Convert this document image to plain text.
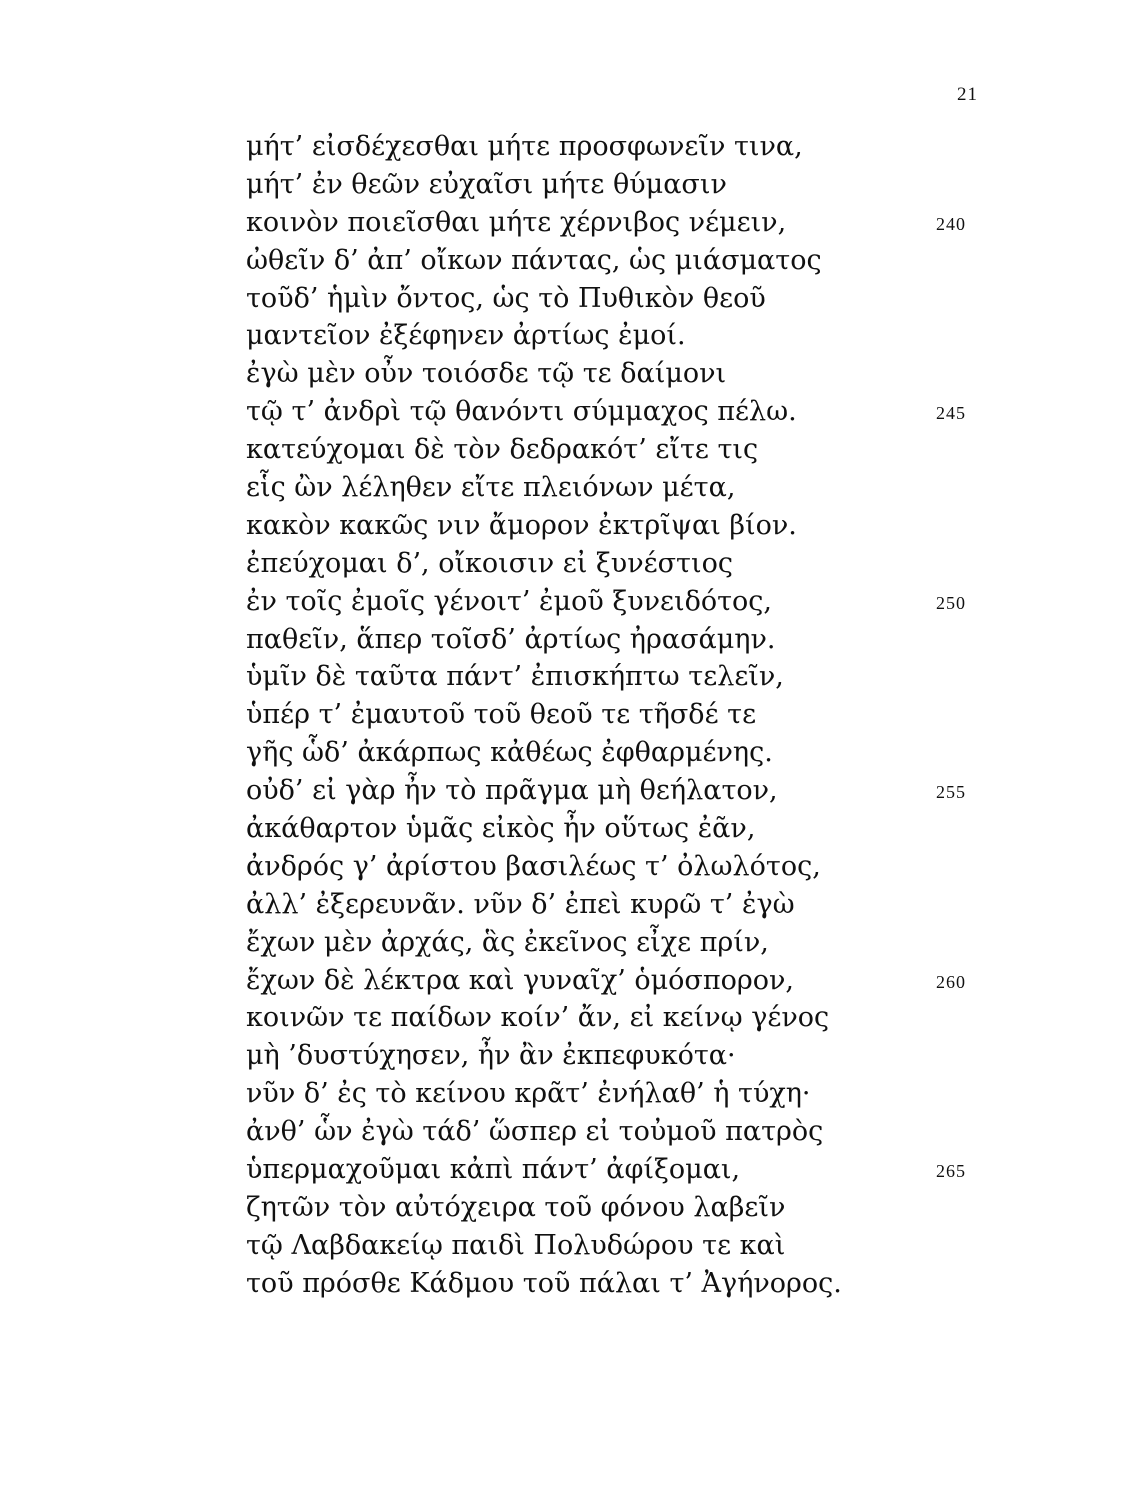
21
μήτ’ εἰσδέχεσθαι μήτε προσφωνεῖν τινα,
μήτ’ ἐν θεῶν εὐχαῖσι μήτε θύμασιν
κοινὸν ποιεῖσθαι μήτε χέρνιβος νέμειν,	240
ὠθεῖν δ’ ἀπ’ οἴκων πάντας, ὡς μιάσματος
τοῦδ’ ἡμὶν ὄντος, ὡς τὸ Πυθικὸν θεοῦ
μαντεῖον ἐξέφηνεν ἀρτίως ἐμοί.
ἐγὼ μὲν οὖν τοιόσδε τῷ τε δαίμονι
τῷ τ’ ἀνδρὶ τῷ θανόντι σύμμαχος πέλω.	245
κατεύχομαι δὲ τὸν δεδρακότ’ εἴτε τις
εἷς ὢν λέληθεν εἴτε πλειόνων μέτα,
κακὸν κακῶς νιν ἄμορον ἐκτρῖψαι βίον.
ἐπεύχομαι δ’, οἴκοισιν εἰ ξυνέστιος
ἐν τοῖς ἐμοῖς γένοιτ’ ἐμοῦ ξυνειδότος,	250
παθεῖν, ἅπερ τοῖσδ’ ἀρτίως ἠρασάμην.
ὑμῖν δὲ ταῦτα πάντ’ ἐπισκήπτω τελεῖν,
ὑπέρ τ’ ἐμαυτοῦ τοῦ θεοῦ τε τῆσδέ τε
γῆς ὧδ’ ἀκάρπως κἀθέως ἐφθαρμένης.
οὐδ’ εἰ γὰρ ἦν τὸ πρᾶγμα μὴ θεήλατον,	255
ἀκάθαρτον ὑμᾶς εἰκὸς ἦν οὕτως ἐᾶν,
ἀνδρός γ’ ἀρίστου βασιλέως τ’ ὀλωλότος,
ἀλλ’ ἐξερευνᾶν. νῦν δ’ ἐπεὶ κυρῶ τ’ ἐγὼ
ἔχων μὲν ἀρχάς, ἃς ἐκεῖνος εἶχε πρίν,
ἔχων δὲ λέκτρα καὶ γυναῖχ’ ὁμόσπορον,	260
κοινῶν τε παίδων κοίν’ ἄν, εἰ κείνῳ γένος
μὴ ’δυστύχησεν, ἦν ἂν ἐκπεφυκότα·
νῦν δ’ ἐς τὸ κείνου κρᾶτ’ ἐνήλαθ’ ἡ τύχη·
ἀνθ’ ὧν ἐγὼ τάδ’ ὥσπερ εἰ τοὐμοῦ πατρὸς
ὑπερμαχοῦμαι κἀπὶ πάντ’ ἀφίξομαι,	265
ζητῶν τὸν αὐτόχειρα τοῦ φόνου λαβεῖν
τῷ Λαβδακείῳ παιδὶ Πολυδώρου τε καὶ
τοῦ πρόσθε Κάδμου τοῦ πάλαι τ’ Ἀγήνορος.
